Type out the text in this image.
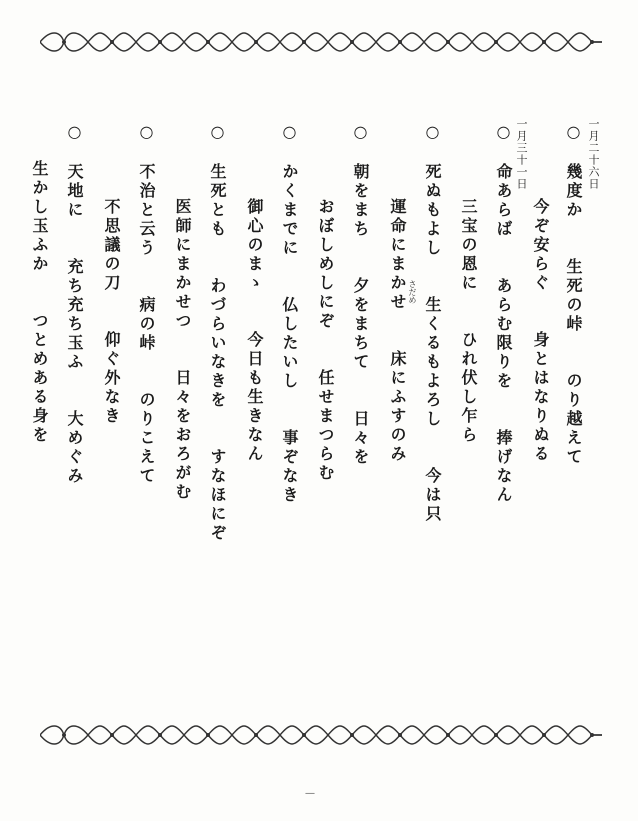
一月二十六日
一月三十一日 ○　幾度か　　生死の峠　　のり越えて
　　　　今ぞ安らぐ　　身とはなりぬる
○　命あらば　　あらむ限りを　　捧げなん
　　　　三宝の恩に　　ひれ伏し乍ら
○　死ぬもよし　　生くるもよろし　　今は只
さだめ
　　　　運命にまかせ　　床にふすのみ
○　朝をまち　　夕をまちて　　日々を
　　　　おぼしめしにぞ　　任せまつらむ
○　かくまでに　　仏したいし　　事ぞなき
　　　　御心のまゝ　　今日も生きなん
○　生死とも　　わづらいなきを　　すなほにぞ
　　　　医師にまかせつ　　日々をおろがむ
○　不治と云う　　病の峠　　のりこえて
　　　　不思議の刀　　仰ぐ外なき
○　天地に　　充ち充ち玉ふ　　大めぐみ
　　生かし玉ふか　　つとめある身を
—
